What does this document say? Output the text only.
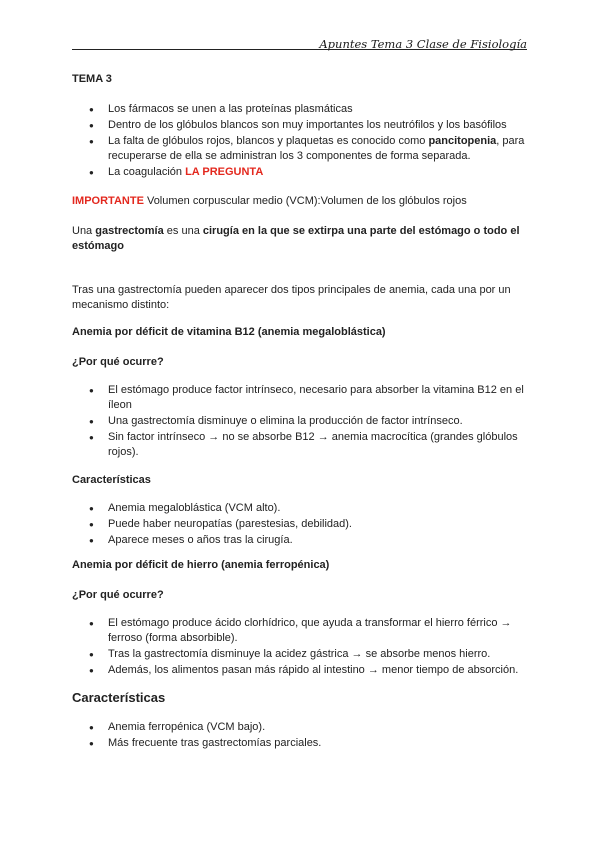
Apuntes Tema 3 Clase de Fisiología

TEMA 3

● Los fármacos se unen a las proteínas plasmáticas
● Dentro de los glóbulos blancos son muy importantes los neutrófilos y los basófilos
● La falta de glóbulos rojos, blancos y plaquetas es conocido como pancitopenia, para recuperarse de ella se administran los 3 componentes de forma separada.
● La coagulación LA PREGUNTA

IMPORTANTE Volumen corpuscular medio (VCM):Volumen de los glóbulos rojos

Una gastrectomía es una cirugía en la que se extirpa una parte del estómago o todo el estómago

Tras una gastrectomía pueden aparecer dos tipos principales de anemia, cada una por un mecanismo distinto:

Anemia por déficit de vitamina B12 (anemia megaloblástica)

¿Por qué ocurre?

● El estómago produce factor intrínseco, necesario para absorber la vitamina B12 en el íleon
● Una gastrectomía disminuye o elimina la producción de factor intrínseco.
● Sin factor intrínseco → no se absorbe B12 → anemia macrocítica (grandes glóbulos rojos).

Características

● Anemia megaloblástica (VCM alto).
● Puede haber neuropatías (parestesias, debilidad).
● Aparece meses o años tras la cirugía.

Anemia por déficit de hierro (anemia ferropénica)

¿Por qué ocurre?

● El estómago produce ácido clorhídrico, que ayuda a transformar el hierro férrico → ferroso (forma absorbible).
● Tras la gastrectomía disminuye la acidez gástrica → se absorbe menos hierro.
● Además, los alimentos pasan más rápido al intestino → menor tiempo de absorción.

Características

● Anemia ferropénica (VCM bajo).
● Más frecuente tras gastrectomías parciales.
